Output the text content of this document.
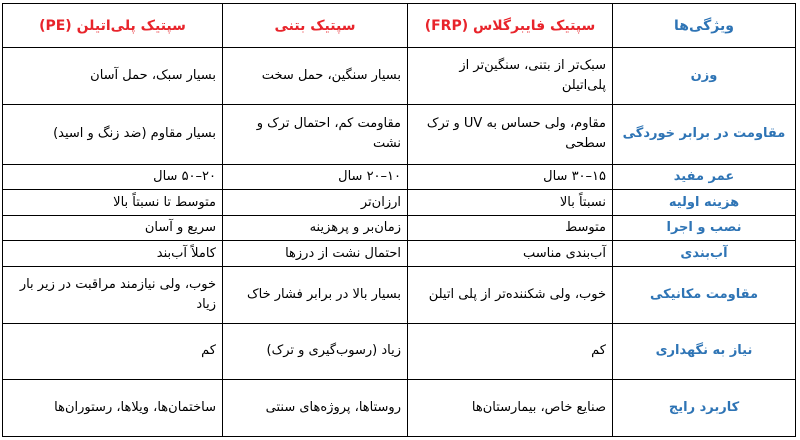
ویژگی‌ها	سپتیک فایبرگلاس (FRP)	سپتیک بتنی	سپتیک پلی‌اتیلن (PE)
وزن	سبک‌تر از بتنی، سنگین‌تر از پلی‌اتیلن	بسیار سنگین، حمل سخت	بسیار سبک، حمل آسان
مقاومت در برابر خوردگی	مقاوم، ولی حساس به UV و ترک سطحی	مقاومت کم، احتمال ترک و نشت	بسیار مقاوم (ضد زنگ و اسید)
عمر مفید	۱۵–۳۰ سال	۱۰–۲۰ سال	۲۰–۵۰ سال
هزینه اولیه	نسبتاً بالا	ارزان‌تر	متوسط تا نسبتاً بالا
نصب و اجرا	متوسط	زمان‌بر و پرهزینه	سریع و آسان
آب‌بندی	آب‌بندی مناسب	احتمال نشت از درزها	کاملاً آب‌بند
مقاومت مکانیکی	خوب، ولی شکننده‌تر از پلی اتیلن	بسیار بالا در برابر فشار خاک	خوب، ولی نیازمند مراقبت در زیر بار زیاد
نیاز به نگهداری	کم	زیاد (رسوب‌گیری و ترک)	کم
کاربرد رایج	صنایع خاص، بیمارستان‌ها	روستاها، پروژه‌های سنتی	ساختمان‌ها، ویلاها، رستوران‌ها
